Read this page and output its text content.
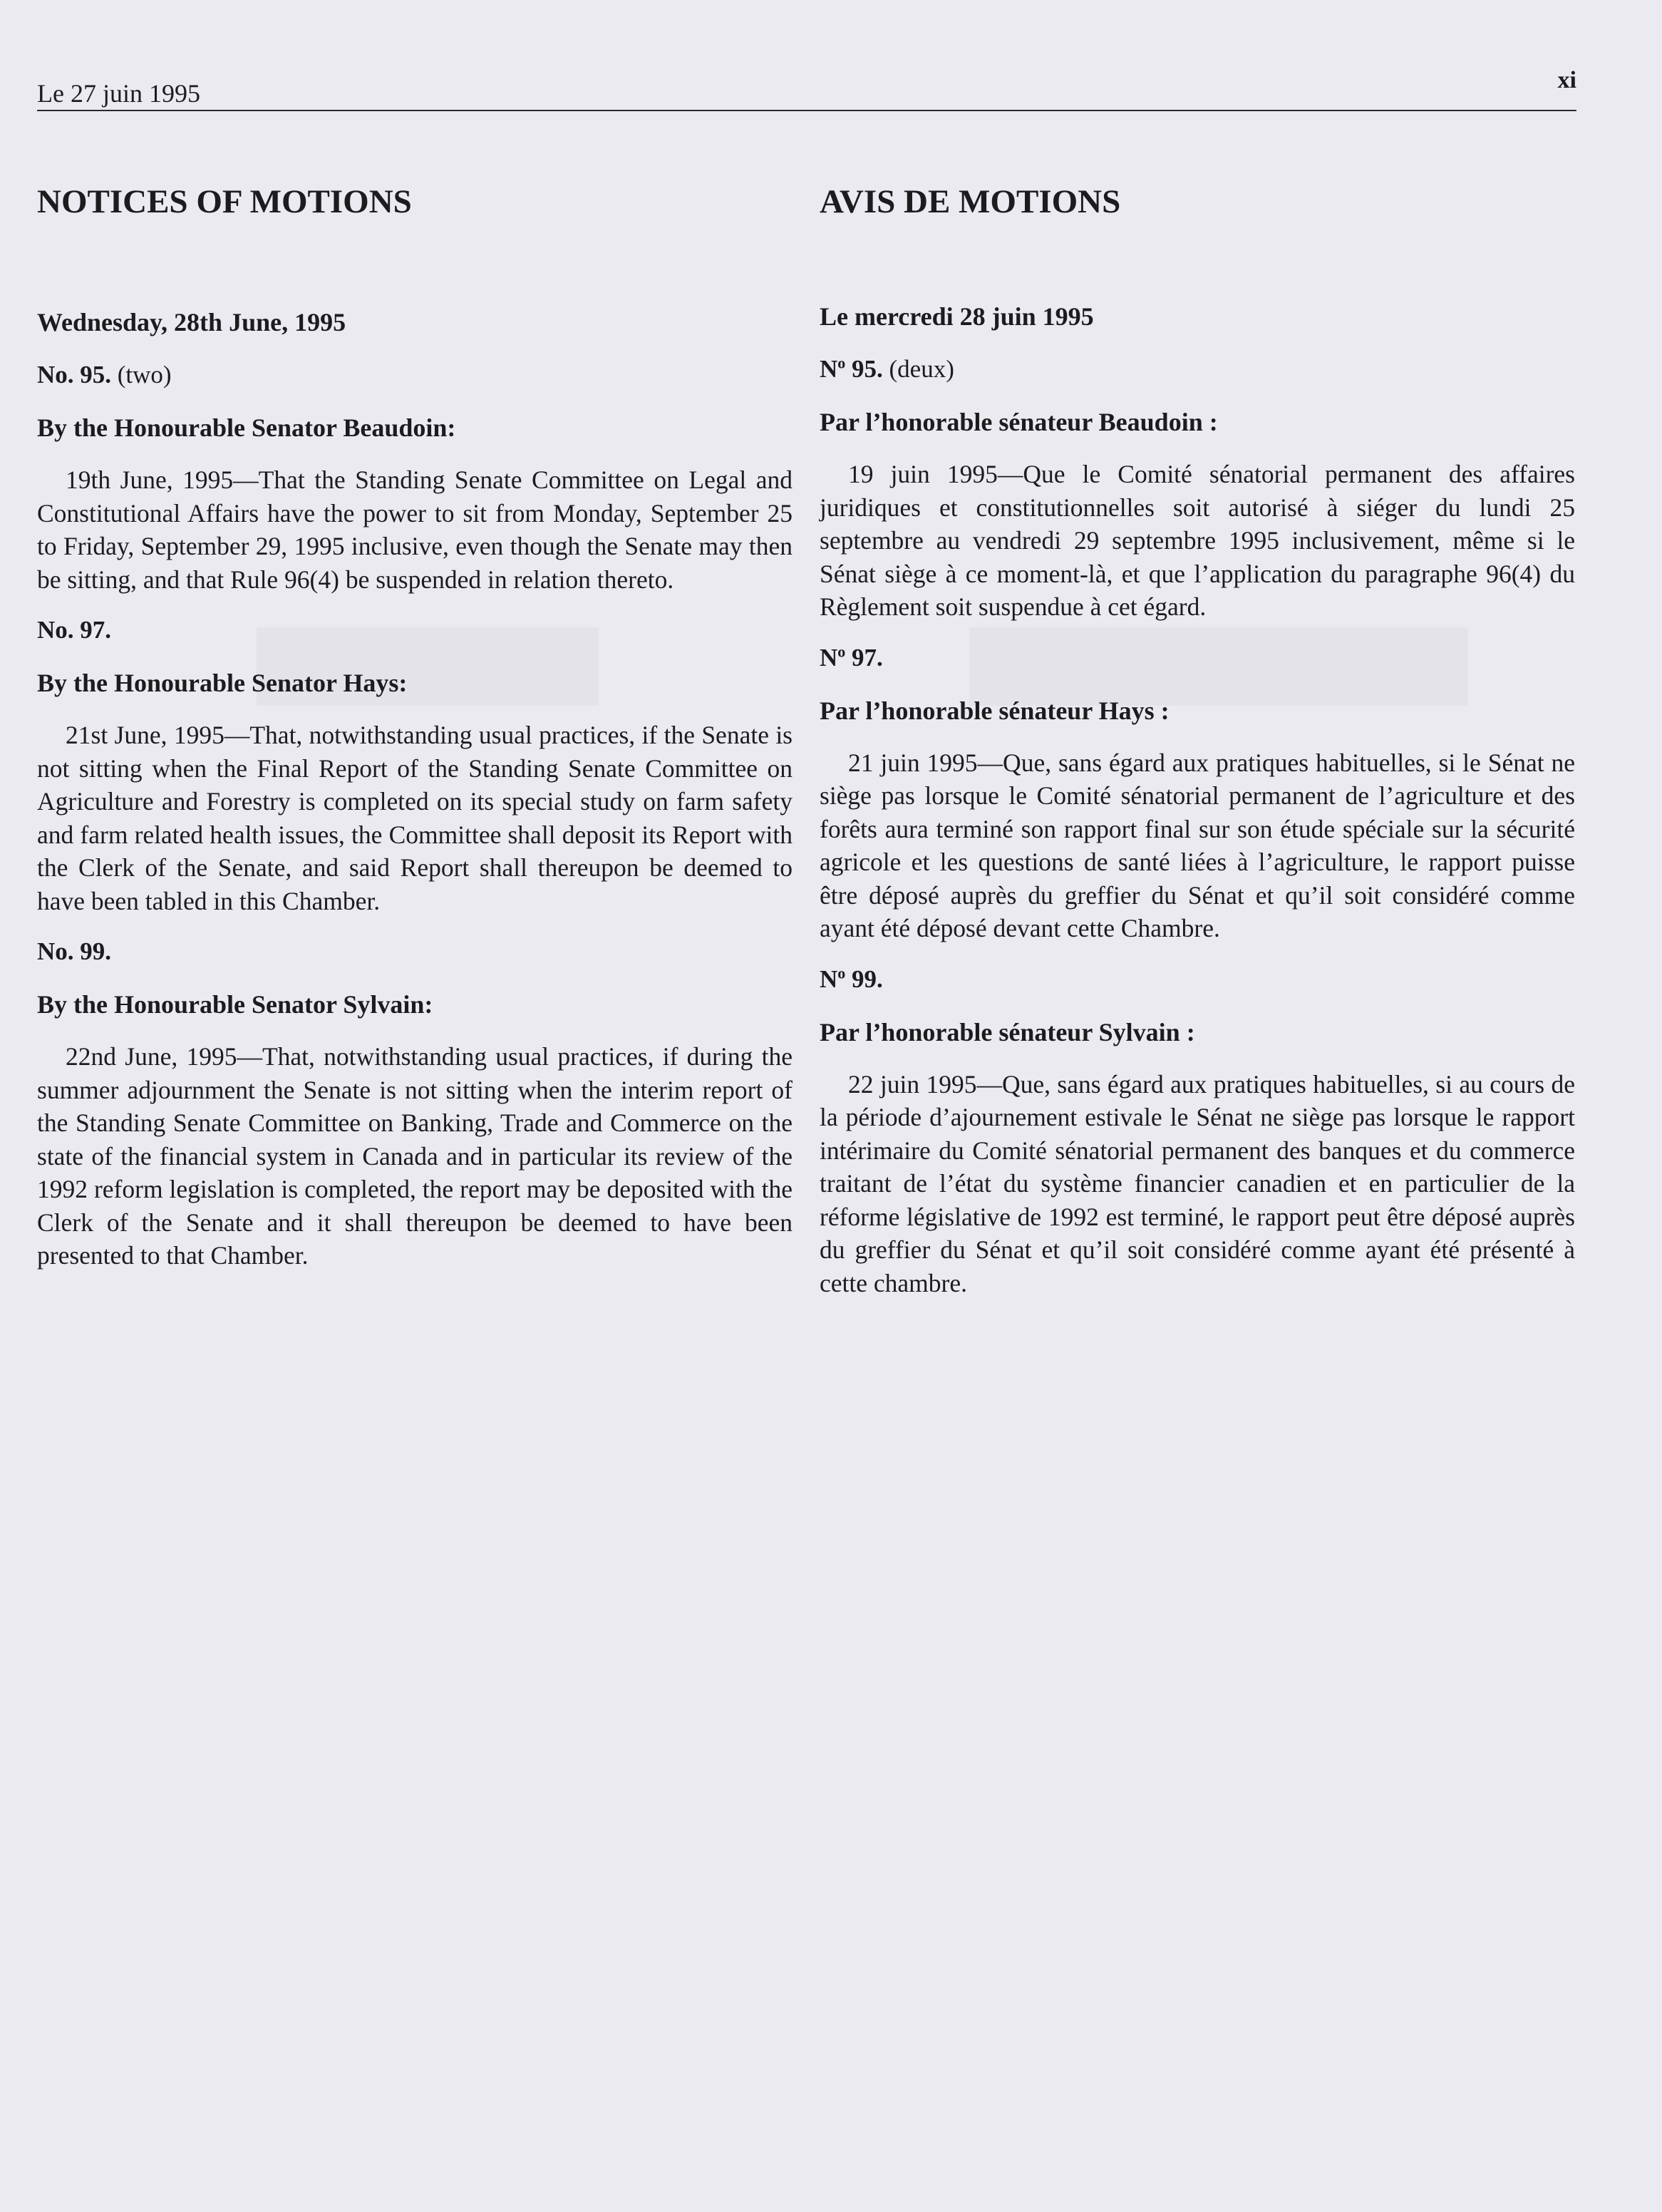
Le 27 juin 1995	xi
NOTICES OF MOTIONS
Wednesday, 28th June, 1995

No. 95. (two)

By the Honourable Senator Beaudoin:

19th June, 1995—That the Standing Senate Committee on Legal and Constitutional Affairs have the power to sit from Monday, September 25 to Friday, September 29, 1995 inclusive, even though the Senate may then be sitting, and that Rule 96(4) be suspended in relation thereto.

No. 97.

By the Honourable Senator Hays:

21st June, 1995—That, notwithstanding usual practices, if the Senate is not sitting when the Final Report of the Standing Senate Committee on Agriculture and Forestry is completed on its special study on farm safety and farm related health issues, the Committee shall deposit its Report with the Clerk of the Senate, and said Report shall thereupon be deemed to have been tabled in this Chamber.

No. 99.

By the Honourable Senator Sylvain:

22nd June, 1995—That, notwithstanding usual practices, if during the summer adjournment the Senate is not sitting when the interim report of the Standing Senate Committee on Banking, Trade and Commerce on the state of the financial system in Canada and in particular its review of the 1992 reform legislation is completed, the report may be deposited with the Clerk of the Senate and it shall thereupon be deemed to have been presented to that Chamber.

AVIS DE MOTIONS
Le mercredi 28 juin 1995

$N^o$ 95. (deux)

Par l’honorable sénateur Beaudoin :

19 juin 1995—Que le Comité sénatorial permanent des affaires juridiques et constitutionnelles soit autorisé à siéger du lundi 25 septembre au vendredi 29 septembre 1995 inclusivement, même si le Sénat siège à ce moment-là, et que l’application du paragraphe 96(4) du Règlement soit suspendue à cet égard.

$N^o$ 97.

Par l’honorable sénateur Hays :

21 juin 1995—Que, sans égard aux pratiques habituelles, si le Sénat ne siège pas lorsque le Comité sénatorial permanent de l’agriculture et des forêts aura terminé son rapport final sur son étude spéciale sur la sécurité agricole et les questions de santé liées à l’agriculture, le rapport puisse être déposé auprès du greffier du Sénat et qu’il soit considéré comme ayant été déposé devant cette Chambre.

$N^o$ 99.

Par l’honorable sénateur Sylvain :

22 juin 1995—Que, sans égard aux pratiques habituelles, si au cours de la période d’ajournement estivale le Sénat ne siège pas lorsque le rapport intérimaire du Comité sénatorial permanent des banques et du commerce traitant de l’état du système financier canadien et en particulier de la réforme législative de 1992 est terminé, le rapport peut être déposé auprès du greffier du Sénat et qu’il soit considéré comme ayant été présenté à cette chambre.
